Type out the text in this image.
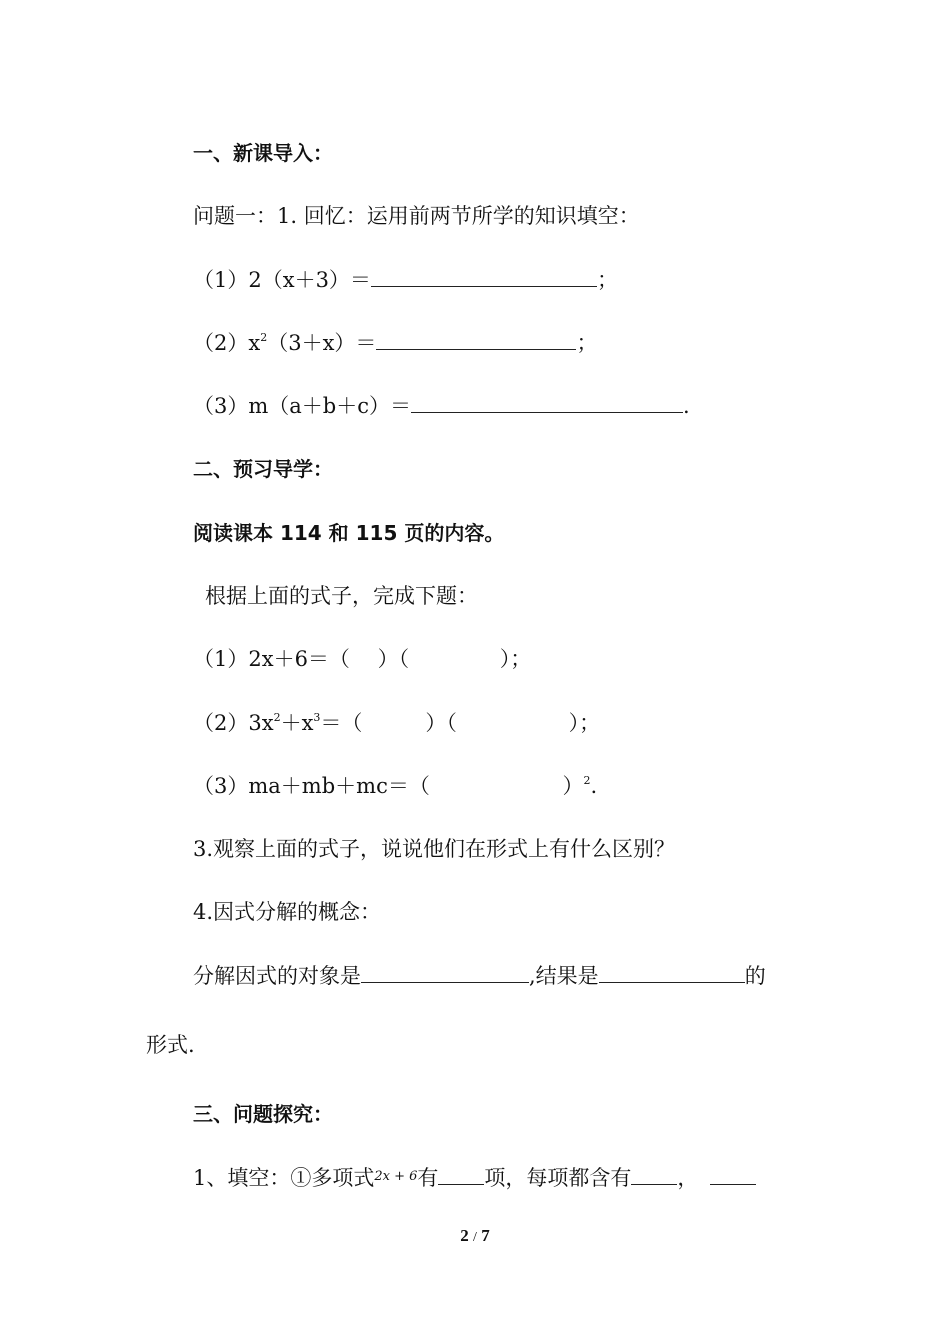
一、新课导入：
问题一：1. 回忆：运用前两节所学的知识填空：
（1）2（x＋3）＝	；
$(2)x^2(3+x)=$	；
（3）m（a＋b＋c）＝	.
二、预习导学：
阅读课本 114 和 115 页的内容。
根据上面的式子，完成下题：
（1）2x＋6＝（　 ）（　　　　 ）；
$(2)3x^2+x^3=$（　　　）（　　　　　 ）；
（3）ma＋mb＋mc＝（　　　　　　 ）$^2$.
3.观察上面的式子，说说他们在形式上有什么区别？
4.因式分解的概念：
分解因式的对象是	,结果是	的
形式.
三、问题探究：
1、填空：①多项式$^{2x + 6}$有 项，每项都含有 ，
2 / 7
